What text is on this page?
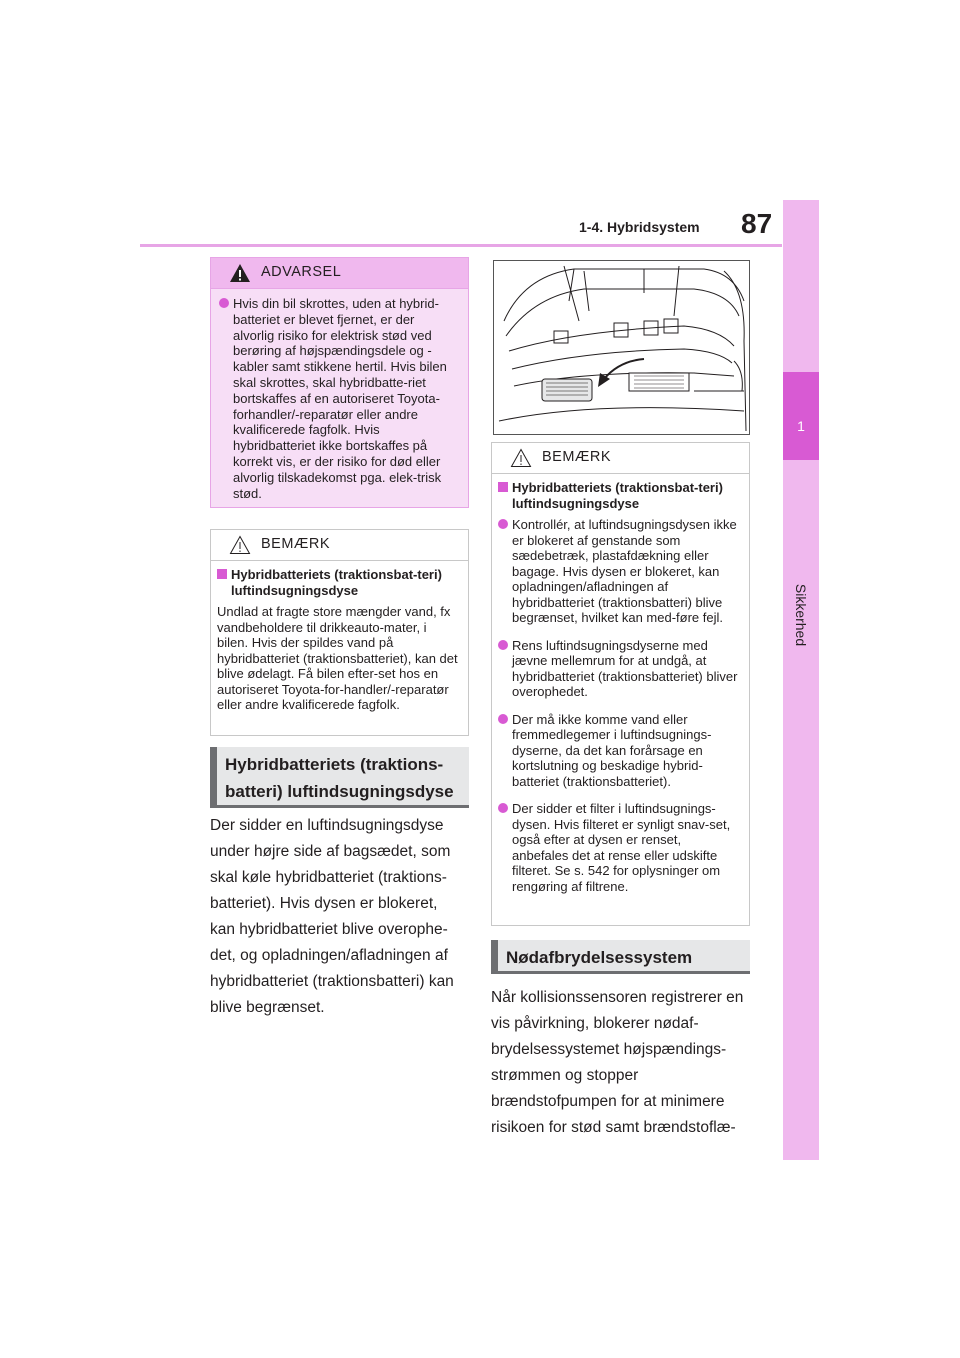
1-4. Hybridsystem 87
1
Sikkerhed
ADVARSEL
Hvis din bil skrottes, uden at hybrid-batteriet er blevet fjernet, er der alvorlig risiko for elektrisk stød ved berøring af højspændingsdele og -kabler samt stikkene hertil. Hvis bilen skal skrottes, skal hybridbatte-riet bortskaffes af en autoriseret Toyota-forhandler/-reparatør eller andre kvalificerede fagfolk. Hvis hybridbatteriet ikke bortskaffes på korrekt vis, er der risiko for død eller alvorlig tilskadekomst pga. elek-trisk stød.
BEMÆRK
Hybridbatteriets (traktionsbat-teri) luftindsugningsdyse

Undlad at fragte store mængder vand, fx vandbeholdere til drikkeauto-mater, i bilen. Hvis der spildes vand på hybridbatteriet (traktionsbatteriet), kan det blive ødelagt. Få bilen efter-set hos en autoriseret Toyota-for-handler/-reparatør eller andre kvalificerede fagfolk.

Hybridbatteriets (traktions-
batteri) luftindsugningsdyse
Der sidder en luftindsugningsdyse under højre side af bagsædet, som skal køle hybridbatteriet (traktions-batteriet). Hvis dysen er blokeret, kan hybridbatteriet blive overophe-det, og opladningen/afladningen af hybridbatteriet (traktionsbatteri) kan blive begrænset.
BEMÆRK
Hybridbatteriets (traktionsbat-teri) luftindsugningsdyse
Kontrollér, at luftindsugningsdysen ikke er blokeret af genstande som sædebetræk, plastafdækning eller bagage. Hvis dysen er blokeret, kan opladningen/afladningen af hybridbatteriet (traktionsbatteri) blive begrænset, hvilket kan med-føre fejl.
Rens luftindsugningsdyserne med jævne mellemrum for at undgå, at hybridbatteriet (traktionsbatteriet) bliver overophedet.
Der må ikke komme vand eller fremmedlegemer i luftindsugnings-dyserne, da det kan forårsage en kortslutning og beskadige hybrid-batteriet (traktionsbatteriet).
Der sidder et filter i luftindsugnings-dysen. Hvis filteret er synligt snav-set, også efter at dysen er renset, anbefales det at rense eller udskifte filteret. Se s. 542 for oplysninger om rengøring af filtrene.
Nødafbrydelsessystem
Når kollisionssensoren registrerer en vis påvirkning, blokerer nødaf-brydelsessystemet højspændings-strømmen og stopper brændstofpumpen for at minimere risikoen for stød samt brændstoflæ-
